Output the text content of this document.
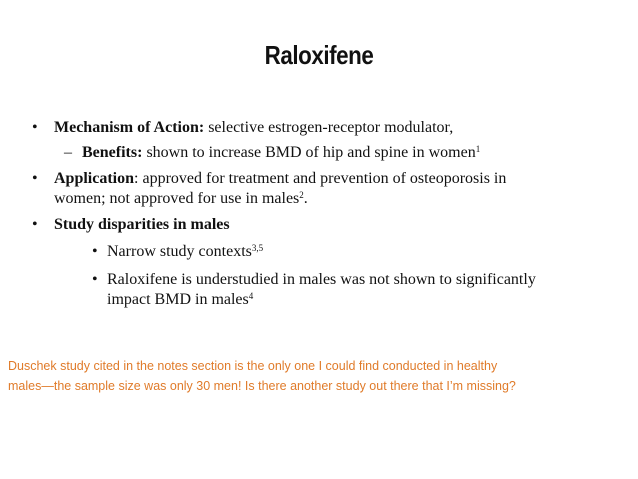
Raloxifene
• Mechanism of Action: selective estrogen-receptor modulator,
– Benefits: shown to increase BMD of hip and spine in women$^1$
• Application: approved for treatment and prevention of osteoporosis in
women; not approved for use in males$^2$.
• Study disparities in males
• Narrow study contexts$^{3,5}$
• Raloxifene is understudied in males was not shown to significantly
impact BMD in males$^4$
Duschek study cited in the notes section is the only one I could find conducted in healthy
males—the sample size was only 30 men! Is there another study out there that I’m missing?
